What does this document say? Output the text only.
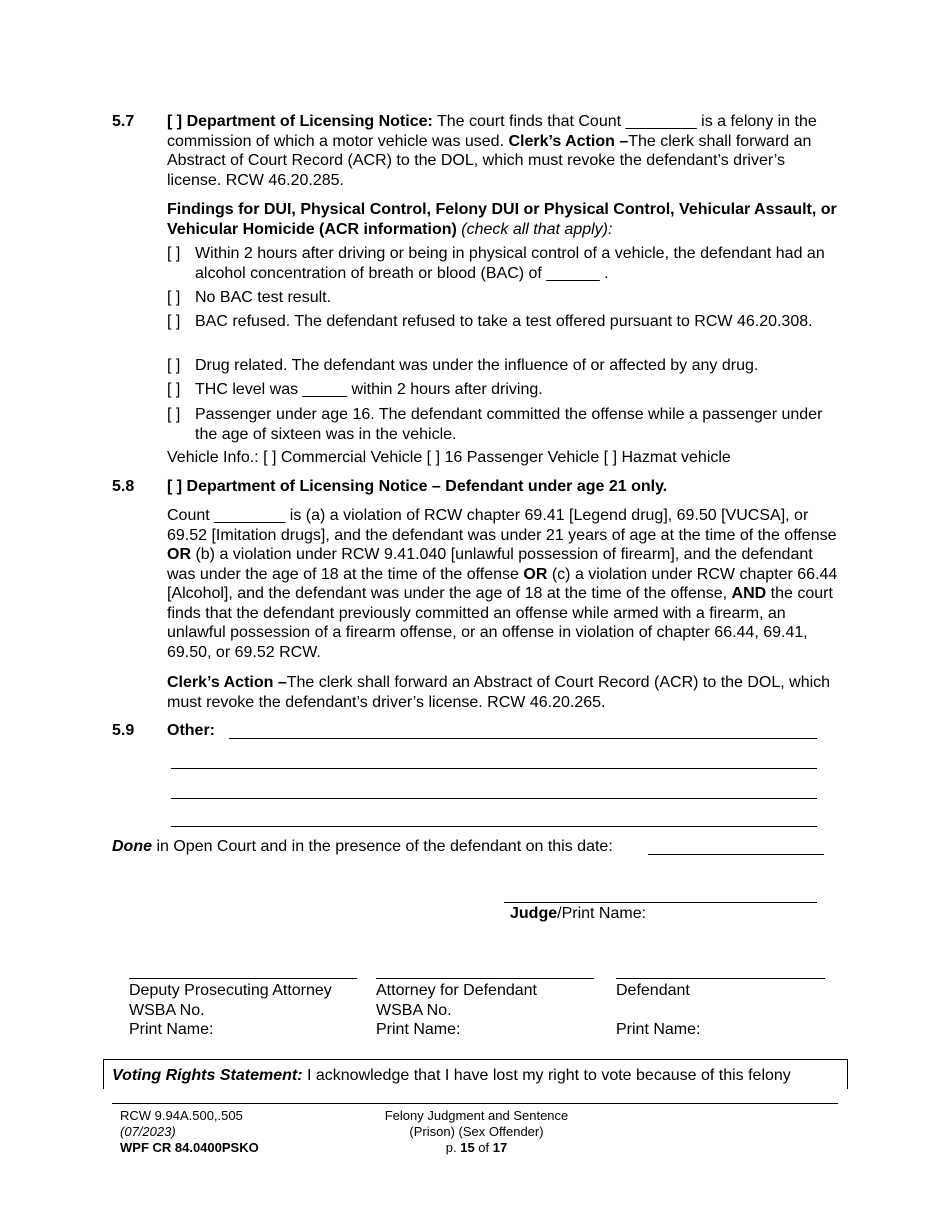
5.7 [ ] Department of Licensing Notice: The court finds that Count ________ is a felony in the commission of which a motor vehicle was used. Clerk’s Action –The clerk shall forward an Abstract of Court Record (ACR) to the DOL, which must revoke the defendant’s driver’s license. RCW 46.20.285.
Findings for DUI, Physical Control, Felony DUI or Physical Control, Vehicular Assault, or Vehicular Homicide (ACR information) (check all that apply):
[ ] Within 2 hours after driving or being in physical control of a vehicle, the defendant had an alcohol concentration of breath or blood (BAC) of ______ .
[ ] No BAC test result.
[ ] BAC refused. The defendant refused to take a test offered pursuant to RCW 46.20.308.
[ ] Drug related. The defendant was under the influence of or affected by any drug.
[ ] THC level was _____ within 2 hours after driving.
[ ] Passenger under age 16. The defendant committed the offense while a passenger under the age of sixteen was in the vehicle.
Vehicle Info.: [ ] Commercial Vehicle [ ] 16 Passenger Vehicle [ ] Hazmat vehicle
5.8 [ ] Department of Licensing Notice – Defendant under age 21 only.
Count ________ is (a) a violation of RCW chapter 69.41 [Legend drug], 69.50 [VUCSA], or 69.52 [Imitation drugs], and the defendant was under 21 years of age at the time of the offense OR (b) a violation under RCW 9.41.040 [unlawful possession of firearm], and the defendant was under the age of 18 at the time of the offense OR (c) a violation under RCW chapter 66.44 [Alcohol], and the defendant was under the age of 18 at the time of the offense, AND the court finds that the defendant previously committed an offense while armed with a firearm, an unlawful possession of a firearm offense, or an offense in violation of chapter 66.44, 69.41, 69.50, or 69.52 RCW.
Clerk’s Action –The clerk shall forward an Abstract of Court Record (ACR) to the DOL, which must revoke the defendant’s driver’s license. RCW 46.20.265.
5.9 Other:
Done in Open Court and in the presence of the defendant on this date:
Judge/Print Name:
Deputy Prosecuting Attorney
WSBA No.
Print Name:
Attorney for Defendant
WSBA No.
Print Name:
Defendant
Print Name:
Voting Rights Statement: I acknowledge that I have lost my right to vote because of this felony
RCW 9.94A.500,.505
(07/2023)
WPF CR 84.0400PSKO
Felony Judgment and Sentence
(Prison) (Sex Offender)
p. 15 of 17
